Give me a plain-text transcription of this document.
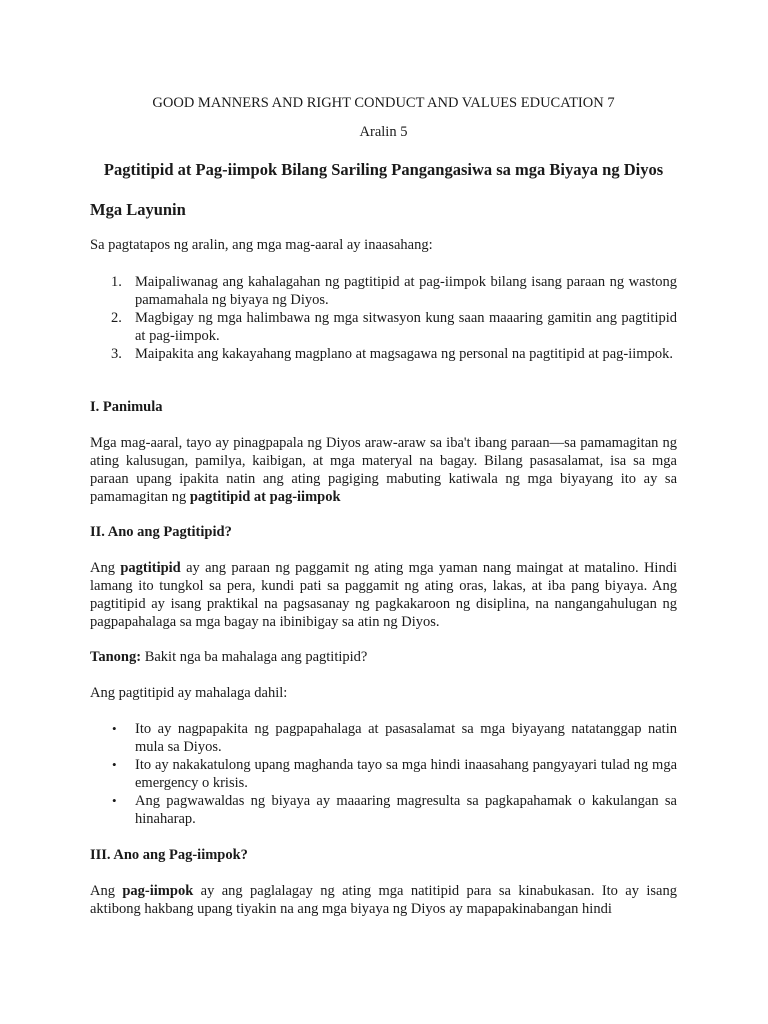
GOOD MANNERS AND RIGHT CONDUCT AND VALUES EDUCATION 7
Aralin 5
Pagtitipid at Pag-iimpok Bilang Sariling Pangangasiwa sa mga Biyaya ng Diyos
Mga Layunin

Sa pagtatapos ng aralin, ang mga mag-aaral ay inaasahang:

1. Maipaliwanag ang kahalagahan ng pagtitipid at pag-iimpok bilang isang paraan ng wastong pamamahala ng biyaya ng Diyos.
2. Magbigay ng mga halimbawa ng mga sitwasyon kung saan maaaring gamitin ang pagtitipid at pag-iimpok.
3. Maipakita ang kakayahang magplano at magsagawa ng personal na pagtitipid at pag-iimpok.
I. Panimula

Mga mag-aaral, tayo ay pinagpapala ng Diyos araw-araw sa iba't ibang paraan—sa pamamagitan ng ating kalusugan, pamilya, kaibigan, at mga materyal na bagay. Bilang pasasalamat, isa sa mga paraan upang ipakita natin ang ating pagiging mabuting katiwala ng mga biyayang ito ay sa pamamagitan ng pagtitipid at pag-iimpok

II. Ano ang Pagtitipid?

Ang pagtitipid ay ang paraan ng paggamit ng ating mga yaman nang maingat at matalino. Hindi lamang ito tungkol sa pera, kundi pati sa paggamit ng ating oras, lakas, at iba pang biyaya. Ang pagtitipid ay isang praktikal na pagsasanay ng pagkakaroon ng disiplina, na nangangahulugan ng pagpapahalaga sa mga bagay na ibinibigay sa atin ng Diyos.

Tanong: Bakit nga ba mahalaga ang pagtitipid?

Ang pagtitipid ay mahalaga dahil:

• Ito ay nagpapakita ng pagpapahalaga at pasasalamat sa mga biyayang natatanggap natin mula sa Diyos.
• Ito ay nakakatulong upang maghanda tayo sa mga hindi inaasahang pangyayari tulad ng mga emergency o krisis.
• Ang pagwawaldas ng biyaya ay maaaring magresulta sa pagkapahamak o kakulangan sa hinaharap.
III. Ano ang Pag-iimpok?

Ang pag-iimpok ay ang paglalagay ng ating mga natitipid para sa kinabukasan. Ito ay isang aktibong hakbang upang tiyakin na ang mga biyaya ng Diyos ay mapapakinabangan hindi
